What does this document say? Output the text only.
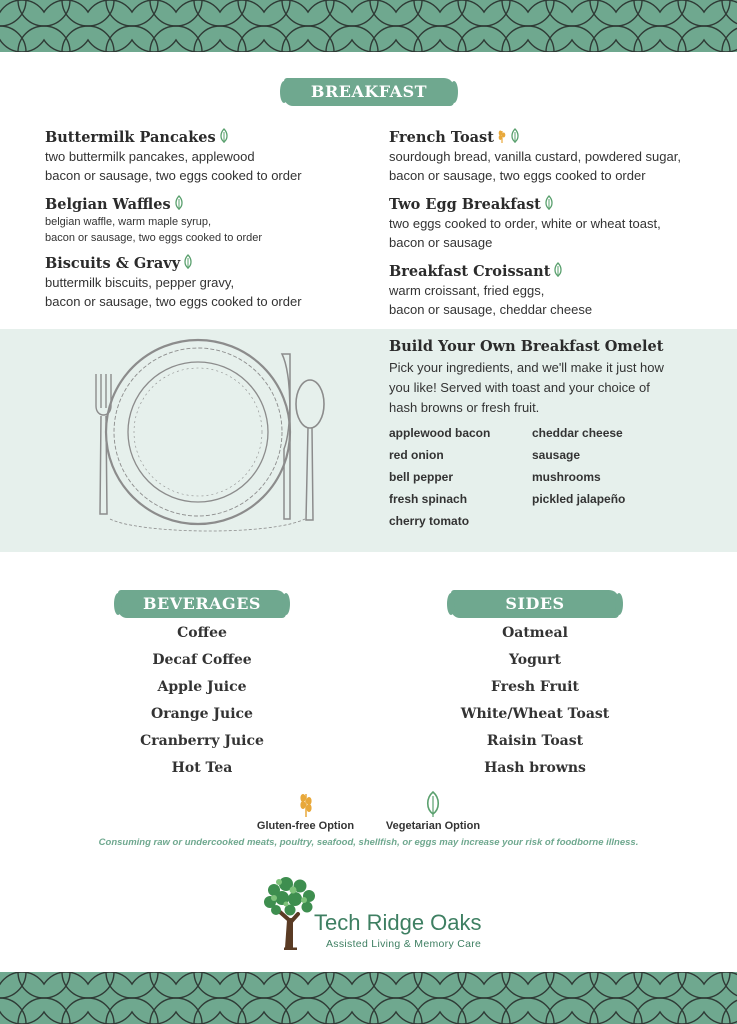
BREAKFAST
Buttermilk Pancakes
two buttermilk pancakes, applewood
bacon or sausage, two eggs cooked to order
Belgian Waffles
belgian waffle, warm maple syrup,
bacon or sausage, two eggs cooked to order
Biscuits & Gravy
buttermilk biscuits, pepper gravy,
bacon or sausage, two eggs cooked to order
French Toast
sourdough bread, vanilla custard, powdered sugar,
bacon or sausage, two eggs cooked to order
Two Egg Breakfast
two eggs cooked to order, white or wheat toast,
bacon or sausage
Breakfast Croissant
warm croissant, fried eggs,
bacon or sausage, cheddar cheese
Build Your Own Breakfast Omelet
Pick your ingredients, and we'll make it just how
you like! Served with toast and your choice of
hash browns or fresh fruit.
applewood bacon
red onion
bell pepper
fresh spinach
cherry tomato
cheddar cheese
sausage
mushrooms
pickled jalapeño
BEVERAGES
Coffee
Decaf Coffee
Apple Juice
Orange Juice
Cranberry Juice
Hot Tea
SIDES
Oatmeal
Yogurt
Fresh Fruit
White/Wheat Toast
Raisin Toast
Hash browns
Gluten-free Option	Vegetarian Option
Consuming raw or undercooked meats, poultry, seafood, shellfish, or eggs may increase your risk of foodborne illness.
Tech Ridge Oaks
Assisted Living & Memory Care
